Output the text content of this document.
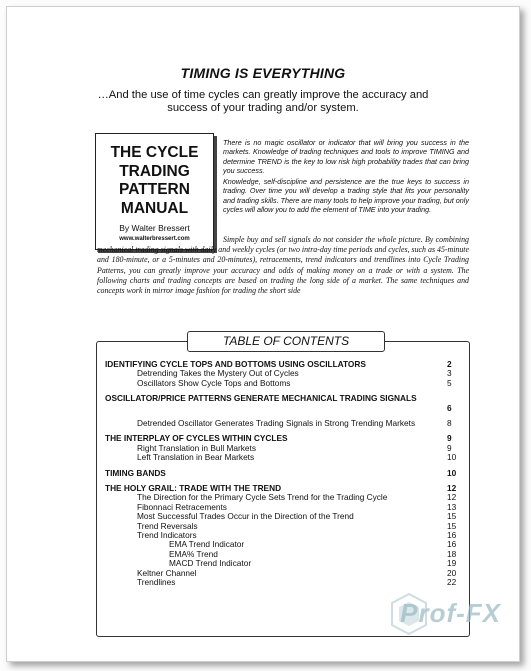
TIMING IS EVERYTHING
…And the use of time cycles can greatly improve the accuracy and success of your trading and/or system.
THE CYCLE
TRADING
PATTERN
MANUAL
By Walter Bressert
www.walterbressert.com

There is no magic oscillator or indicator that will bring you success in the markets. Knowledge of trading techniques and tools to improve TIMING and determine TREND is the key to low risk high probability trades that can bring you success.

Knowledge, self-discipline and persistence are the true keys to success in trading. Over time you will develop a trading style that fits your personality and trading skills. There are many tools to help improve your trading, but only cycles will allow you to add the element of TIME into your trading.

Simple buy and sell signals do not consider the whole picture. By combining mechanical trading signals with daily and weekly cycles (or two intra-day time periods and cycles, such as 45-minute and 180-minute, or a 5-minutes and 20-minutes), retracements, trend indicators and trendlines into Cycle Trading Patterns, you can greatly improve your accuracy and odds of making money on a trade or with a system. The following charts and trading concepts are based on trading the long side of a market. The same techniques and concepts work in mirror image fashion for trading the short side

TABLE OF CONTENTS
IDENTIFYING CYCLE TOPS AND BOTTOMS USING OSCILLATORS	2
Detrending Takes the Mystery Out of Cycles	3
Oscillators Show Cycle Tops and Bottoms	5
OSCILLATOR/PRICE PATTERNS GENERATE MECHANICAL TRADING SIGNALS
6
Detrended Oscillator Generates Trading Signals in Strong Trending Markets	8
THE INTERPLAY OF CYCLES WITHIN CYCLES	9
Right Translation in Bull Markets	9
Left Translation in Bear Markets	10
TIMING BANDS	10
THE HOLY GRAIL: TRADE WITH THE TREND	12
The Direction for the Primary Cycle Sets Trend for the Trading Cycle	12
Fibonnaci Retracements	13
Most Successful Trades Occur in the Direction of the Trend	15
Trend Reversals	15
Trend Indicators	16
EMA Trend Indicator	16
EMA% Trend	18
MACD Trend Indicator	19
Keltner Channel	20
Trendlines	22
Prof-FX
